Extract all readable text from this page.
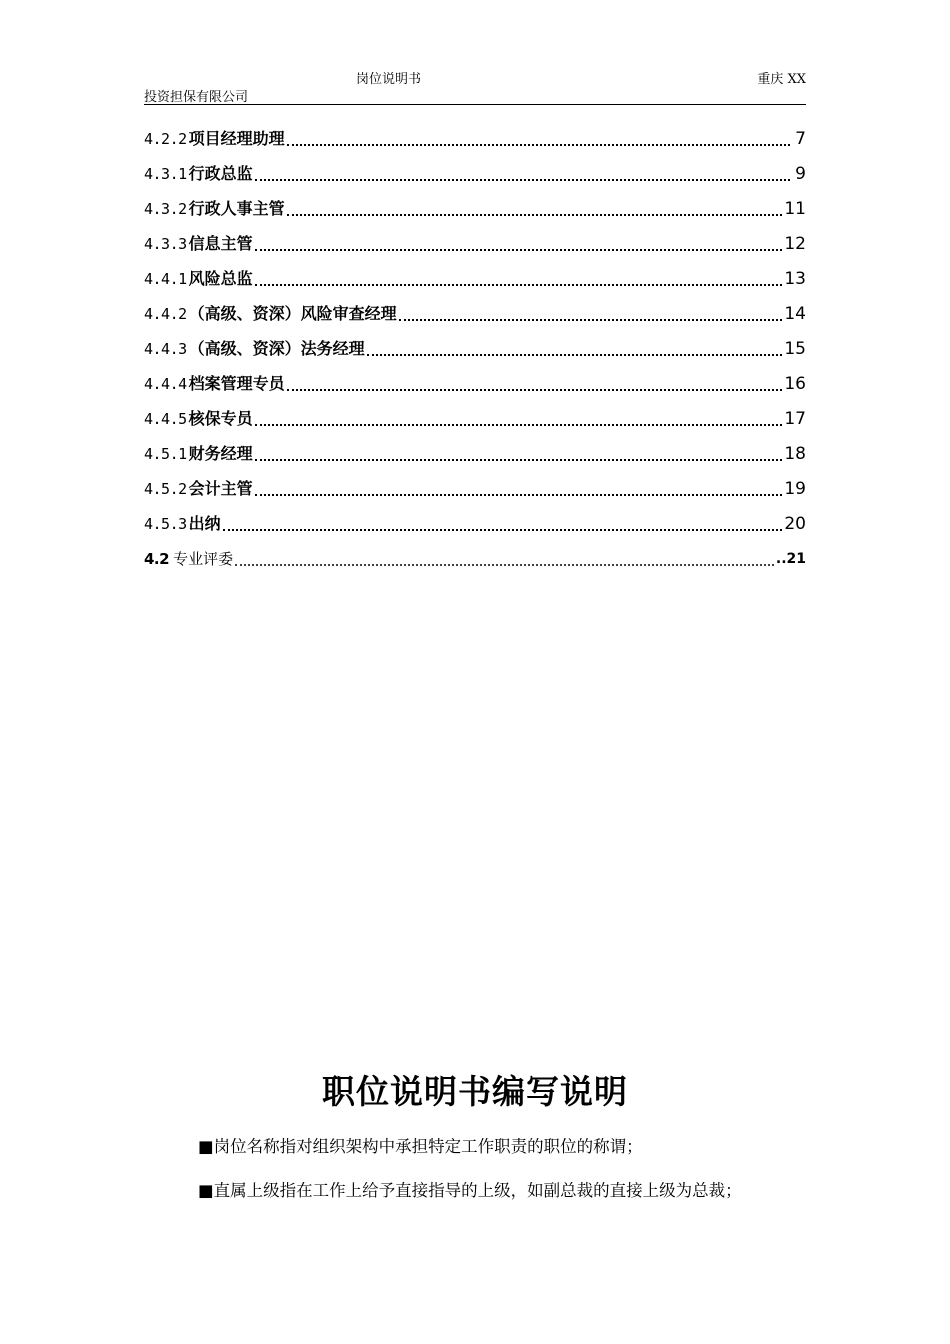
岗位说明书	重庆 XX
投资担保有限公司
4.2.2 项目经理助理	7
4.3.1 行政总监	9
4.3.2 行政人事主管	11
4.3.3 信息主管	12
4.4.1 风险总监	13
4.4.2 （高级、资深）风险审查经理	14
4.4.3 （高级、资深）法务经理	15
4.4.4 档案管理专员	16
4.4.5 核保专员	17
4.5.1 财务经理	18
4.5.2 会计主管	19
4.5.3 出纳	20
4.2 专业评委	..21
职位说明书编写说明

■岗位名称指对组织架构中承担特定工作职责的职位的称谓；

■直属上级指在工作上给予直接指导的上级，如副总裁的直接上级为总裁；
